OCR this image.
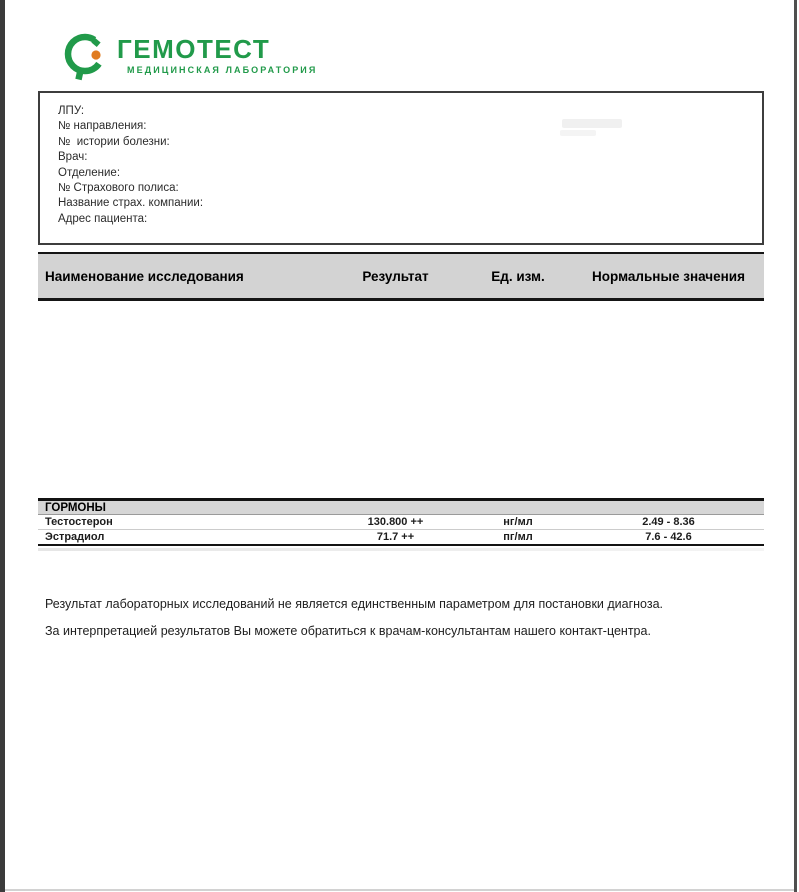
ГЕМОТЕСТ
МЕДИЦИНСКАЯ ЛАБОРАТОРИЯ
ЛПУ:
№ направления:
№  истории болезни:
Врач:
Отделение:
№ Страхового полиса:
Название страх. компании:
Адрес пациента:
Наименование исследования	Результат	Ед. изм.	Нормальные значения
ГОРМОНЫ
Тестостерон	130.800 ++	нг/мл	2.49 - 8.36
Эстрадиол	71.7 ++	пг/мл	7.6 - 42.6
Результат лабораторных исследований не является единственным параметром для постановки диагноза.
За интерпретацией результатов Вы можете обратиться к врачам-консультантам нашего контакт-центра.
